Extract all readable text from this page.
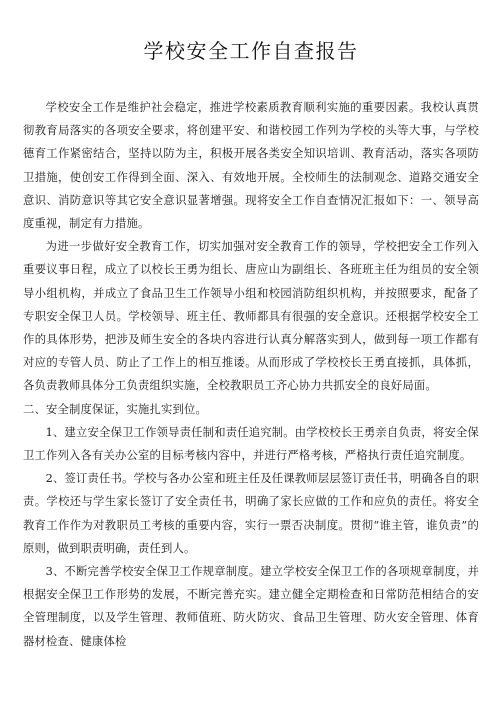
学校安全工作自查报告

学校安全工作是维护社会稳定，推进学校素质教育顺利实施的重要因素。我校认真贯彻教育局落实的各项安全要求，将创建平安、和谐校园工作列为学校的头等大事，与学校德育工作紧密结合，坚持以防为主，积极开展各类安全知识培训、教育活动，落实各项防卫措施，使创安工作得到全面、深入、有效地开展。全校师生的法制观念、道路交通安全意识、消防意识等其它安全意识显著增强。现将安全工作自查情况汇报如下：一、领导高度重视，制定有力措施。

为进一步做好安全教育工作，切实加强对安全教育工作的领导，学校把安全工作列入重要议事日程，成立了以校长王勇为组长、唐应山为副组长、各班班主任为组员的安全领导小组机构，并成立了食品卫生工作领导小组和校园消防组织机构，并按照要求，配备了专职安全保卫人员。学校领导、班主任、教师都具有很强的安全意识。还根据学校安全工作的具体形势，把涉及师生安全的各块内容进行认真分解落实到人，做到每一项工作都有对应的专管人员、防止了工作上的相互推诿。从而形成了学校校长王勇直接抓，具体抓，各负责教师具体分工负责组织实施，全校教职员工齐心协力共抓安全的良好局面。

二、安全制度保证，实施扎实到位。

1、建立安全保卫工作领导责任制和责任追究制。由学校校长王勇亲自负责，将安全保卫工作列入各有关办公室的目标考核内容中，并进行严格考核，严格执行责任追究制度。

2、签订责任书。学校与各办公室和班主任及任课教师层层签订责任书，明确各自的职责。学校还与学生家长签订了安全责任书，明确了家长应做的工作和应负的责任。将安全教育工作作为对教职员工考核的重要内容，实行一票否决制度。贯彻“谁主管，谁负责”的原则，做到职责明确，责任到人。

3、不断完善学校安全保卫工作规章制度。建立学校安全保卫工作的各项规章制度，并根据安全保卫工作形势的发展，不断完善充实。建立健全定期检查和日常防范相结合的安全管理制度，以及学生管理、教师值班、防火防灾、食品卫生管理、防火安全管理、体育器材检查、健康体检
